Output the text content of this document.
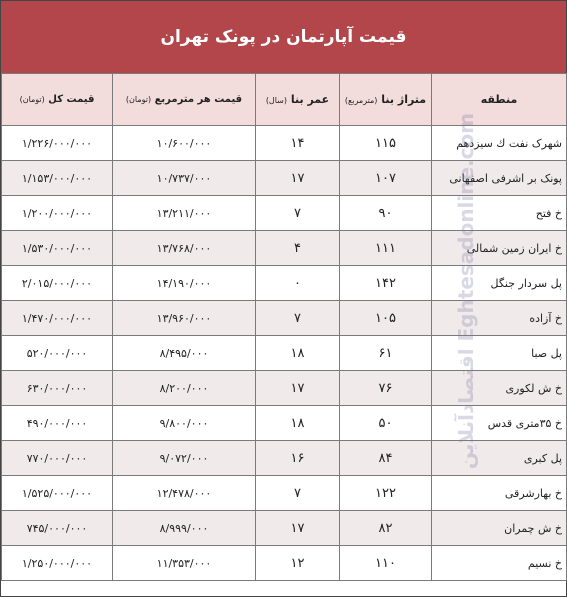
قیمت آپارتمان در پونک تهران
منطقه	متراژ بنا (مترمربع)	عمر بنا (سال)	قیمت هر مترمربع (تومان)	قیمت کل (تومان)
شهرک نفت ك سیزدهم	۱۱۵	۱۴	۱۰/۶۰۰/۰۰۰	۱/۲۲۶/۰۰۰/۰۰۰
پونک بر اشرفی اصفهانی	۱۰۷	۱۷	۱۰/۷۳۷/۰۰۰	۱/۱۵۳/۰۰۰/۰۰۰
خ فتح	۹۰	۷	۱۳/۲۱۱/۰۰۰	۱/۲۰۰/۰۰۰/۰۰۰
خ ایران زمین شمالی	۱۱۱	۴	۱۳/۷۶۸/۰۰۰	۱/۵۳۰/۰۰۰/۰۰۰
پل سردار جنگل	۱۴۲	۰	۱۴/۱۹۰/۰۰۰	۲/۰۱۵/۰۰۰/۰۰۰
خ آزاده	۱۰۵	۷	۱۳/۹۶۰/۰۰۰	۱/۴۷۰/۰۰۰/۰۰۰
پل صبا	۶۱	۱۸	۸/۴۹۵/۰۰۰	۵۲۰/۰۰۰/۰۰۰
خ ش لکوری	۷۶	۱۷	۸/۲۰۰/۰۰۰	۶۳۰/۰۰۰/۰۰۰
خ ۳۵متری قدس	۵۰	۱۸	۹/۸۰۰/۰۰۰	۴۹۰/۰۰۰/۰۰۰
پل کبری	۸۴	۱۶	۹/۰۷۲/۰۰۰	۷۷۰/۰۰۰/۰۰۰
خ بهارشرقی	۱۲۲	۷	۱۲/۴۷۸/۰۰۰	۱/۵۲۵/۰۰۰/۰۰۰
خ ش چمران	۸۲	۱۷	۸/۹۹۹/۰۰۰	۷۴۵/۰۰۰/۰۰۰
خ نسیم	۱۱۰	۱۲	۱۱/۳۵۳/۰۰۰	۱/۲۵۰/۰۰۰/۰۰۰
اقتصادآنلاین Eghtesadonline.com
